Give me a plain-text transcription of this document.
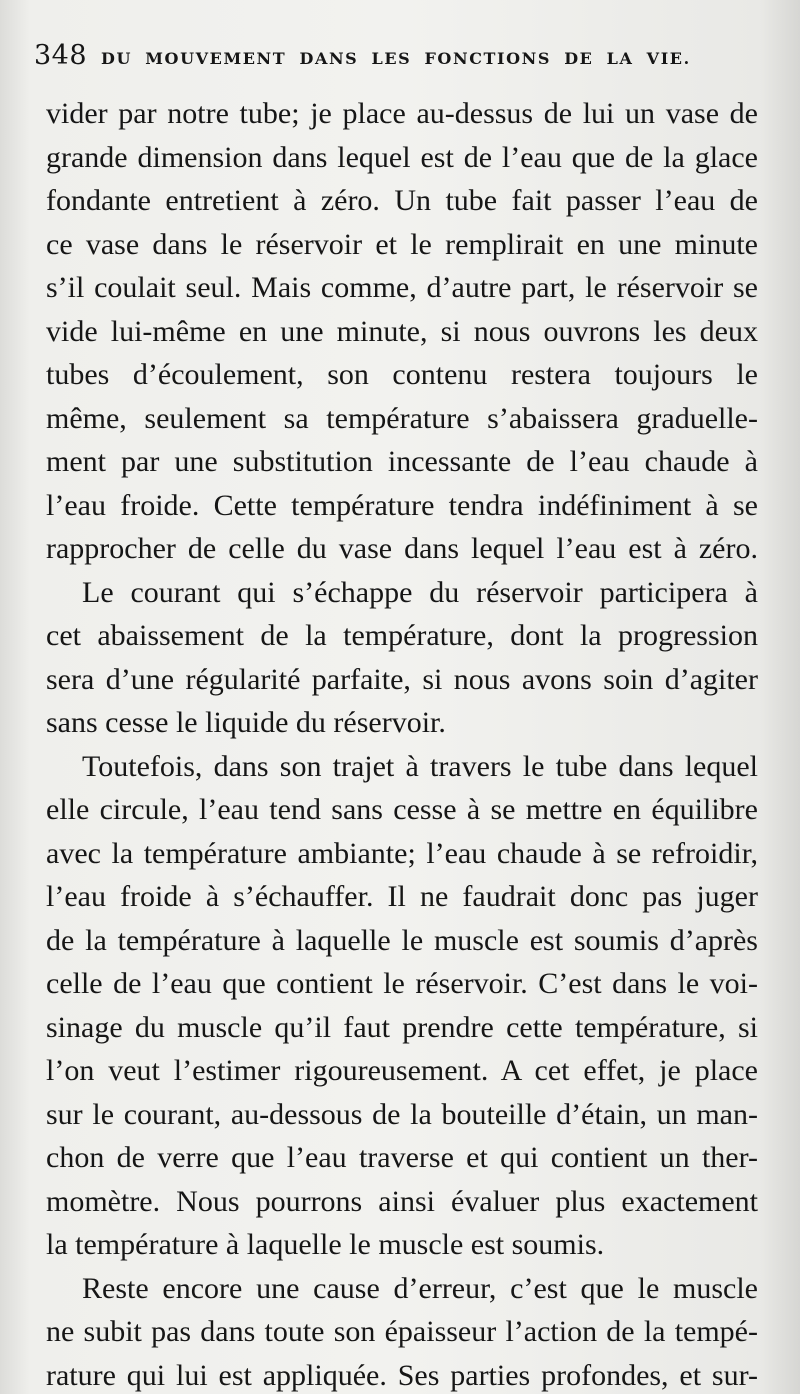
348 DU MOUVEMENT DANS LES FONCTIONS DE LA VIE.
vider par notre tube; je place au-dessus de lui un vase de
grande dimension dans lequel est de l’eau que de la glace
fondante entretient à zéro. Un tube fait passer l’eau de
ce vase dans le réservoir et le remplirait en une minute
s’il coulait seul. Mais comme, d’autre part, le réservoir se
vide lui-même en une minute, si nous ouvrons les deux
tubes d’écoulement, son contenu restera toujours le
même, seulement sa température s’abaissera graduelle-
ment par une substitution incessante de l’eau chaude à
l’eau froide. Cette température tendra indéfiniment à se
rapprocher de celle du vase dans lequel l’eau est à zéro.
Le courant qui s’échappe du réservoir participera à
cet abaissement de la température, dont la progression
sera d’une régularité parfaite, si nous avons soin d’agiter
sans cesse le liquide du réservoir.
Toutefois, dans son trajet à travers le tube dans lequel
elle circule, l’eau tend sans cesse à se mettre en équilibre
avec la température ambiante; l’eau chaude à se refroidir,
l’eau froide à s’échauffer. Il ne faudrait donc pas juger
de la température à laquelle le muscle est soumis d’après
celle de l’eau que contient le réservoir. C’est dans le voi-
sinage du muscle qu’il faut prendre cette température, si
l’on veut l’estimer rigoureusement. A cet effet, je place
sur le courant, au-dessous de la bouteille d’étain, un man-
chon de verre que l’eau traverse et qui contient un ther-
momètre. Nous pourrons ainsi évaluer plus exactement
la température à laquelle le muscle est soumis.
Reste encore une cause d’erreur, c’est que le muscle
ne subit pas dans toute son épaisseur l’action de la tempé-
rature qui lui est appliquée. Ses parties profondes, et sur-
